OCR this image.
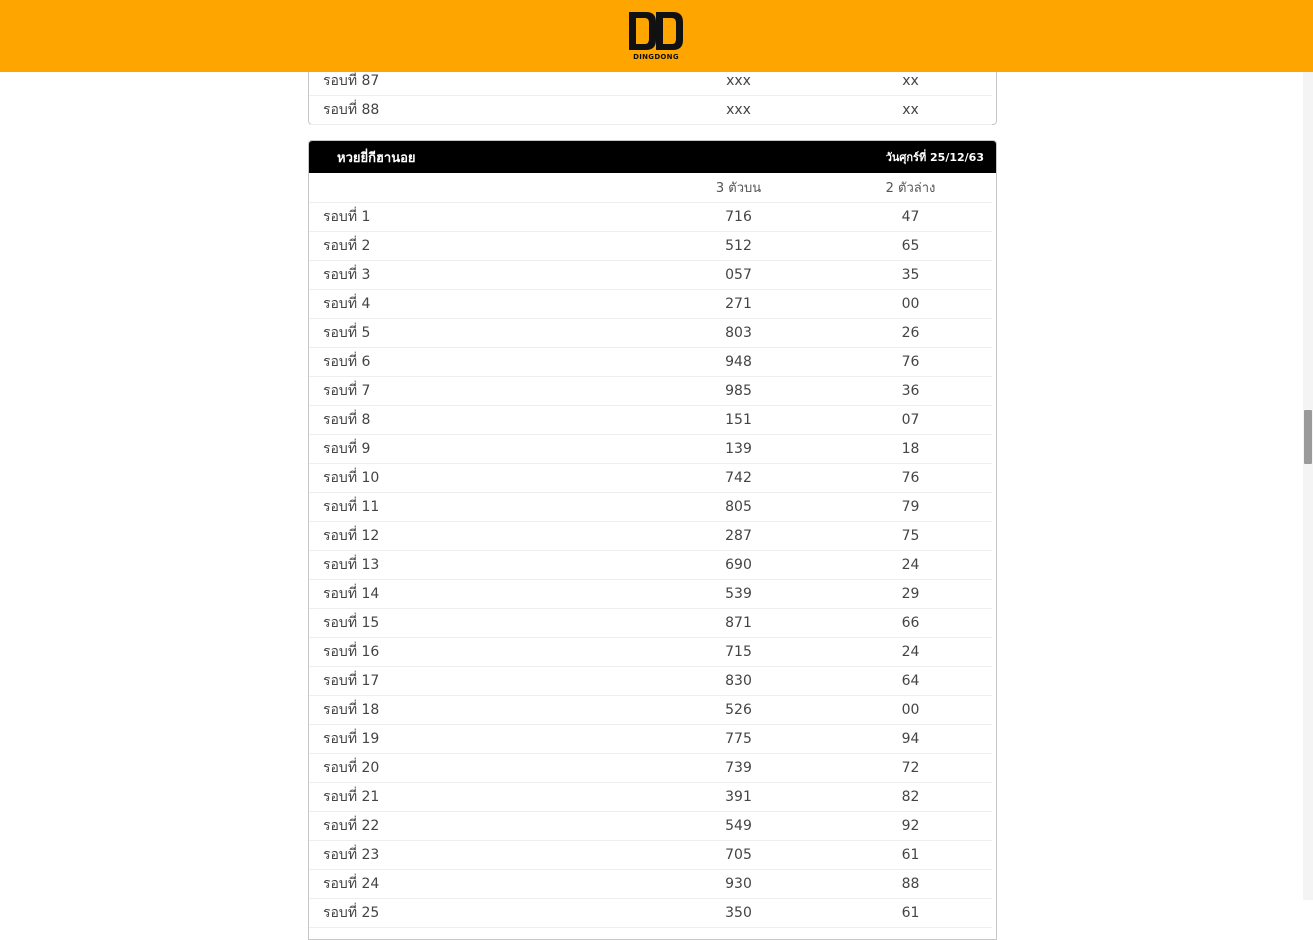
DINGDONG
รอบที่ 87	xxx	xx
รอบที่ 88	xxx	xx
หวยยี่กีฮานอย	วันศุกร์ที่ 25/12/63
3 ตัวบน	2 ตัวล่าง
รอบที่ 1	716	47
รอบที่ 2	512	65
รอบที่ 3	057	35
รอบที่ 4	271	00
รอบที่ 5	803	26
รอบที่ 6	948	76
รอบที่ 7	985	36
รอบที่ 8	151	07
รอบที่ 9	139	18
รอบที่ 10	742	76
รอบที่ 11	805	79
รอบที่ 12	287	75
รอบที่ 13	690	24
รอบที่ 14	539	29
รอบที่ 15	871	66
รอบที่ 16	715	24
รอบที่ 17	830	64
รอบที่ 18	526	00
รอบที่ 19	775	94
รอบที่ 20	739	72
รอบที่ 21	391	82
รอบที่ 22	549	92
รอบที่ 23	705	61
รอบที่ 24	930	88
รอบที่ 25	350	61
